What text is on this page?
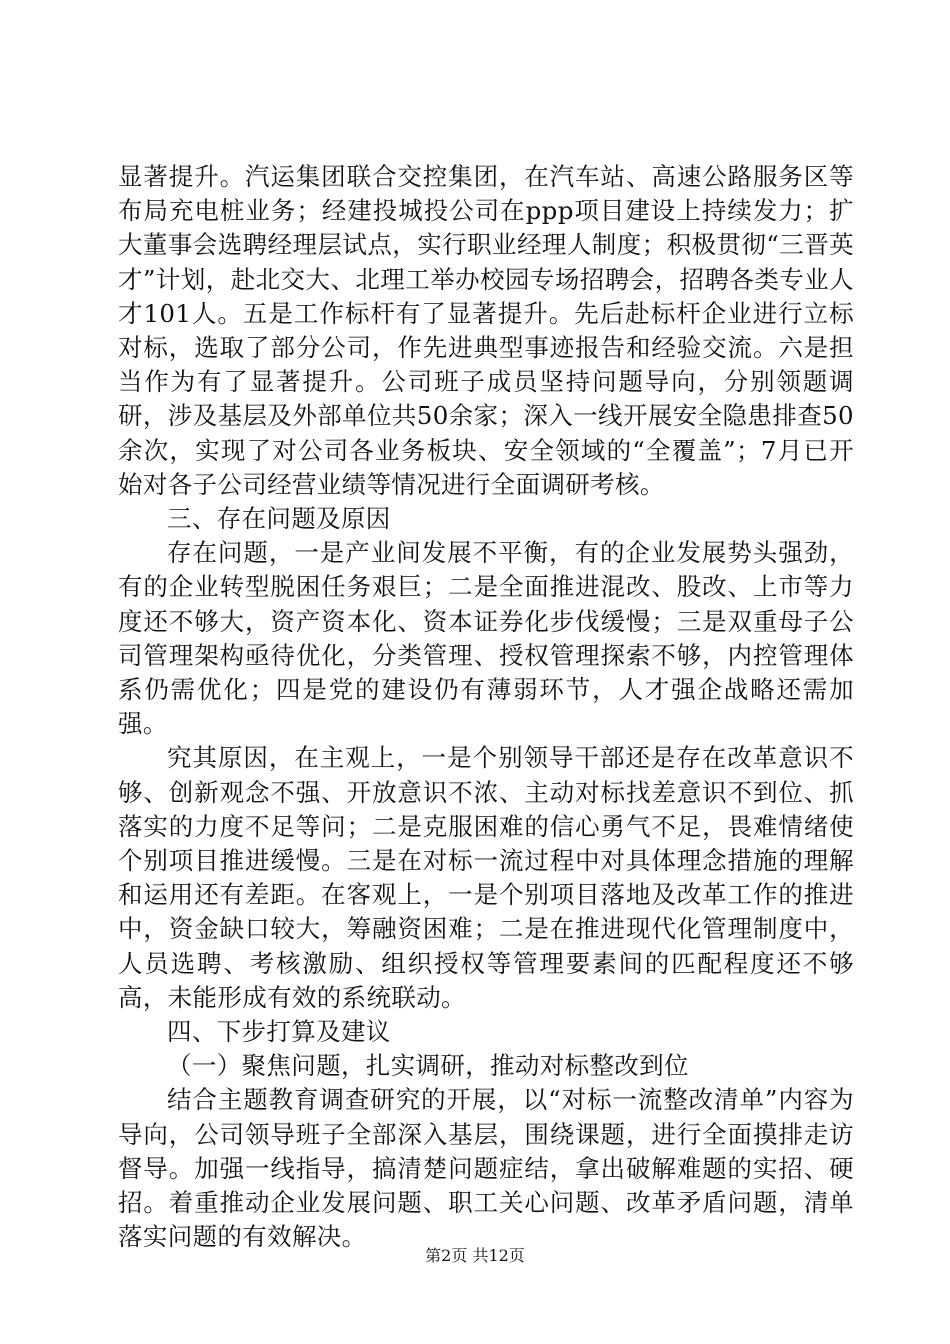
显著提升。汽运集团联合交控集团，在汽车站、高速公路服务区等布局充电桩业务；经建投城投公司在ppp项目建设上持续发力；扩大董事会选聘经理层试点，实行职业经理人制度；积极贯彻“三晋英才”计划，赴北交大、北理工举办校园专场招聘会，招聘各类专业人才101人。五是工作标杆有了显著提升。先后赴标杆企业进行立标对标，选取了部分公司，作先进典型事迹报告和经验交流。六是担当作为有了显著提升。公司班子成员坚持问题导向，分别领题调研，涉及基层及外部单位共50余家；深入一线开展安全隐患排查50余次，实现了对公司各业务板块、安全领域的“全覆盖”；7月已开始对各子公司经营业绩等情况进行全面调研考核。

三、存在问题及原因

存在问题，一是产业间发展不平衡，有的企业发展势头强劲，有的企业转型脱困任务艰巨；二是全面推进混改、股改、上市等力度还不够大，资产资本化、资本证券化步伐缓慢；三是双重母子公司管理架构亟待优化，分类管理、授权管理探索不够，内控管理体系仍需优化；四是党的建设仍有薄弱环节，人才强企战略还需加强。

究其原因，在主观上，一是个别领导干部还是存在改革意识不够、创新观念不强、开放意识不浓、主动对标找差意识不到位、抓落实的力度不足等问；二是克服困难的信心勇气不足，畏难情绪使个别项目推进缓慢。三是在对标一流过程中对具体理念措施的理解和运用还有差距。在客观上，一是个别项目落地及改革工作的推进中，资金缺口较大，筹融资困难；二是在推进现代化管理制度中，人员选聘、考核激励、组织授权等管理要素间的匹配程度还不够高，未能形成有效的系统联动。

四、下步打算及建议

（一）聚焦问题，扎实调研，推动对标整改到位

结合主题教育调查研究的开展，以“对标一流整改清单”内容为导向，公司领导班子全部深入基层，围绕课题，进行全面摸排走访督导。加强一线指导，搞清楚问题症结，拿出破解难题的实招、硬招。着重推动企业发展问题、职工关心问题、改革矛盾问题，清单落实问题的有效解决。

第2页 共12页
